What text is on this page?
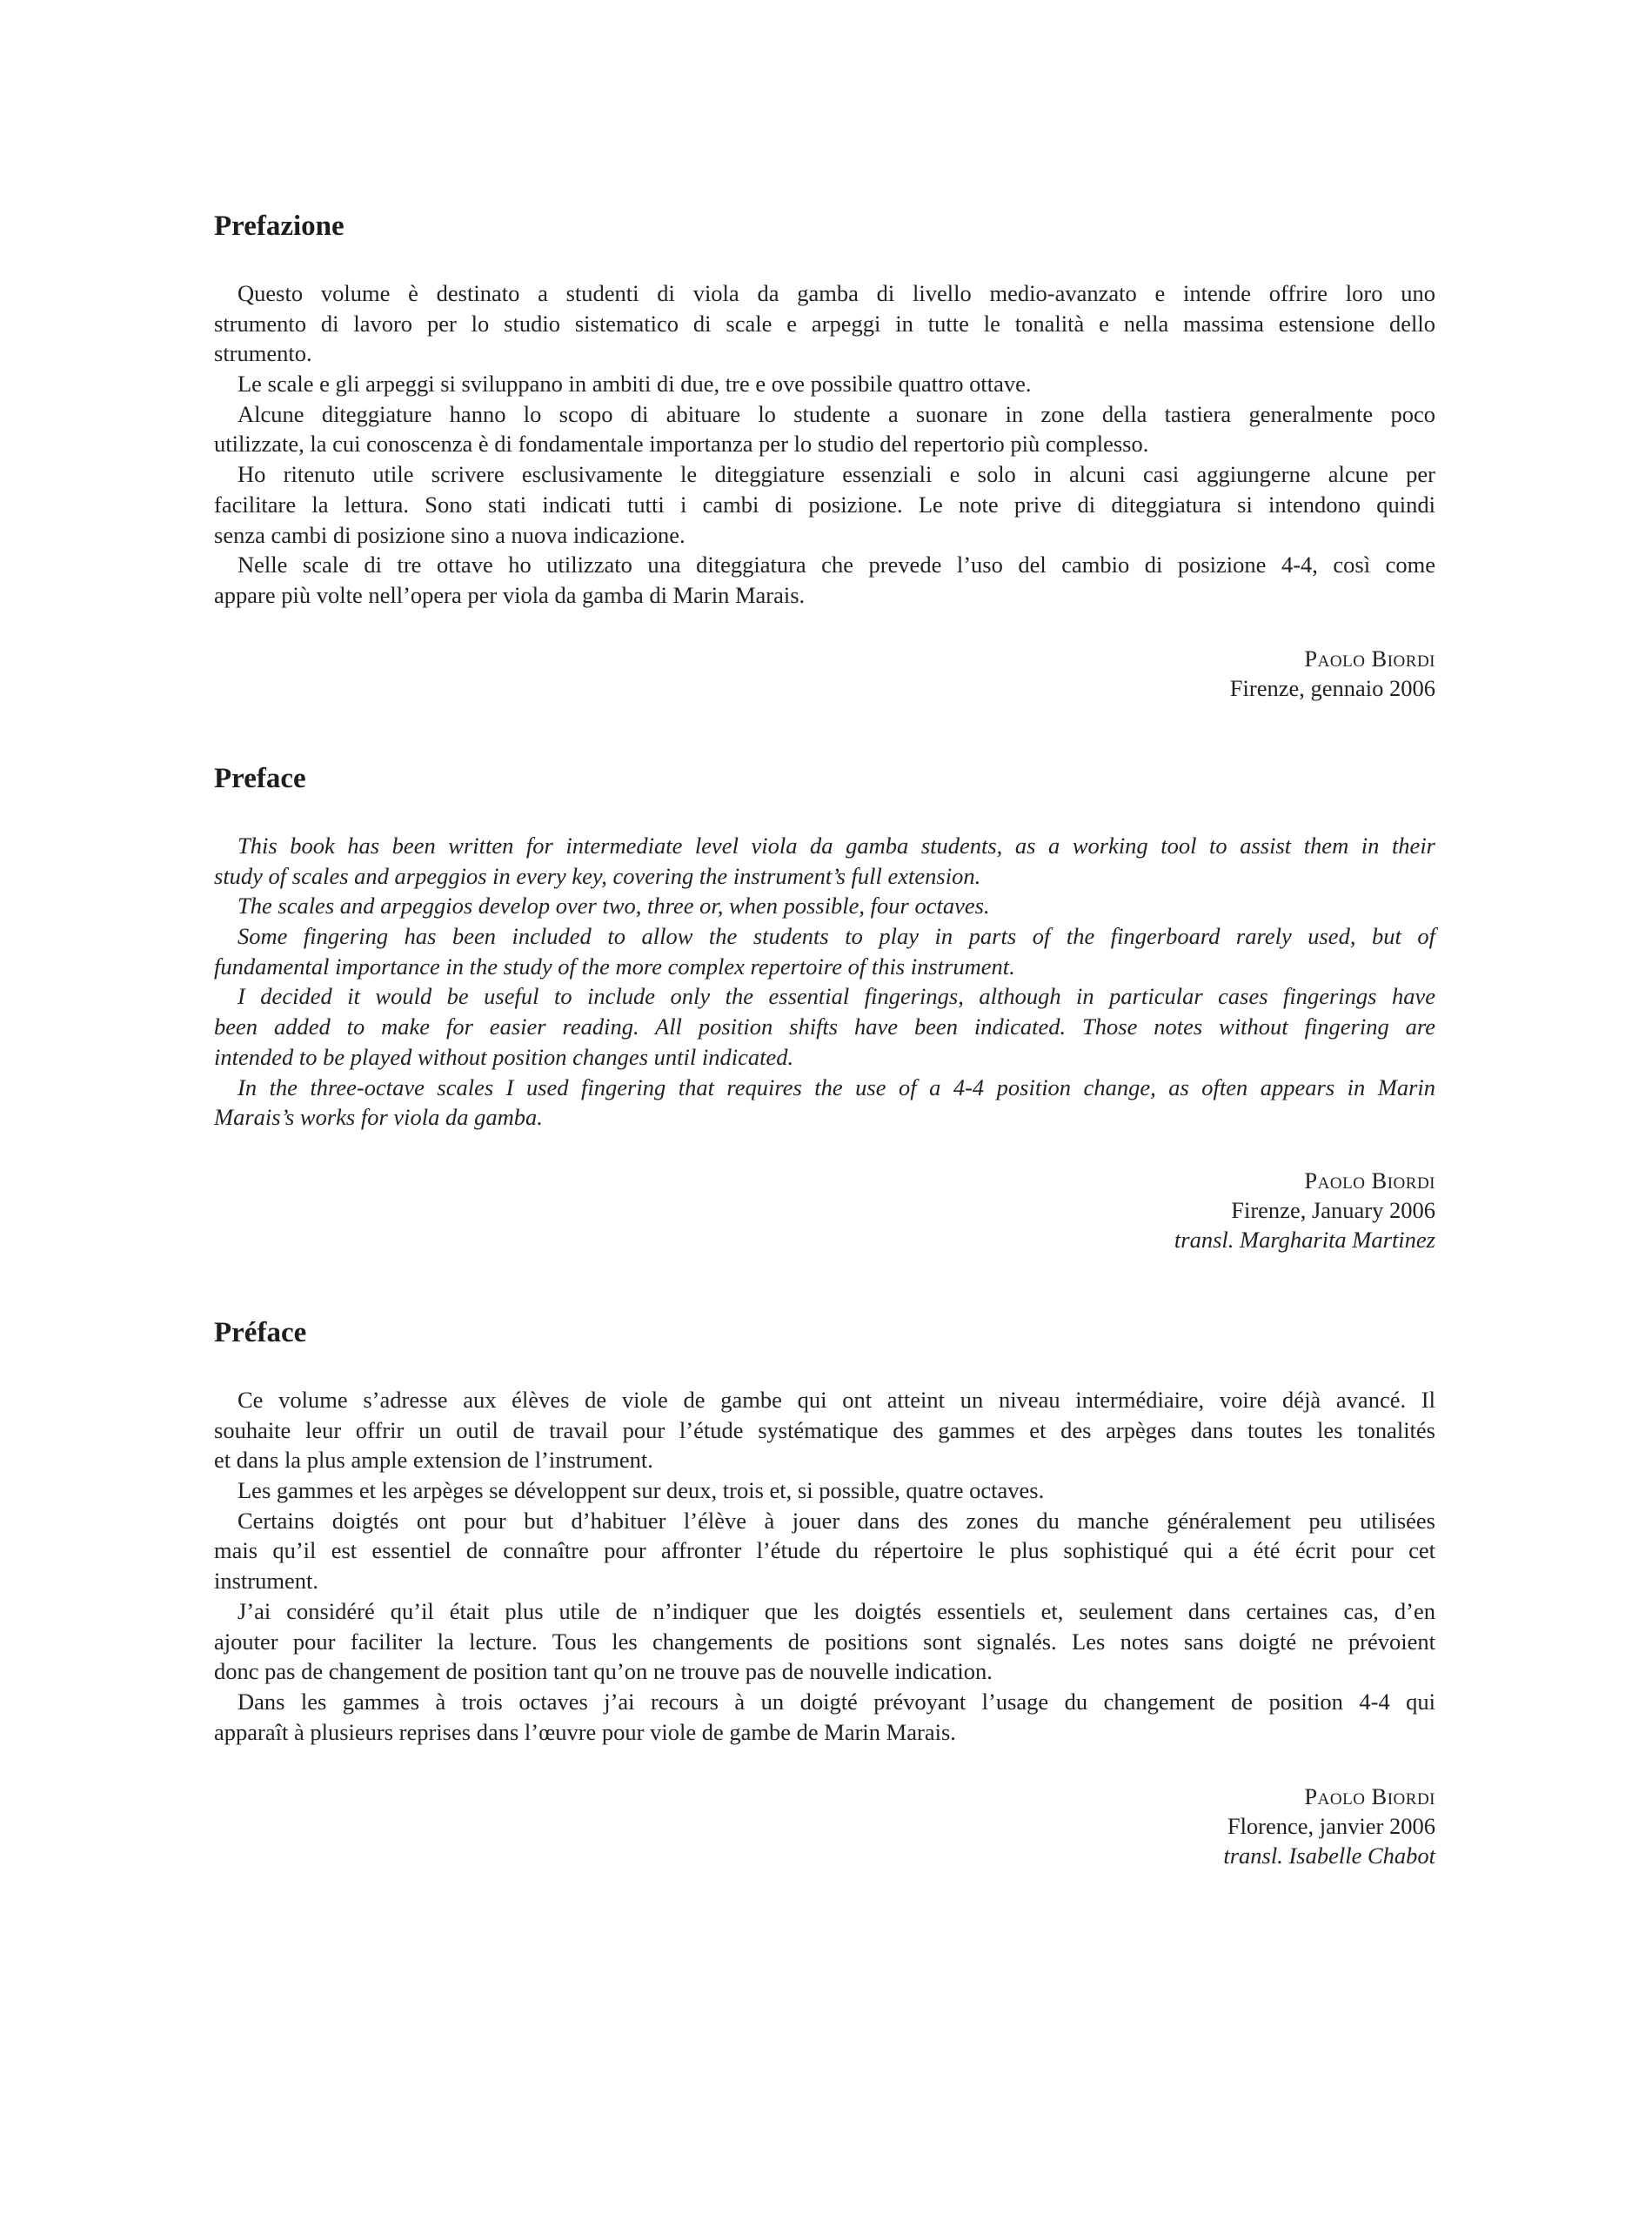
Prefazione
Questo volume è destinato a studenti di viola da gamba di livello medio-avanzato e intende offrire loro uno
strumento di lavoro per lo studio sistematico di scale e arpeggi in tutte le tonalità e nella massima estensione dello
strumento.
Le scale e gli arpeggi si sviluppano in ambiti di due, tre e ove possibile quattro ottave.
Alcune diteggiature hanno lo scopo di abituare lo studente a suonare in zone della tastiera generalmente poco
utilizzate, la cui conoscenza è di fondamentale importanza per lo studio del repertorio più complesso.
Ho ritenuto utile scrivere esclusivamente le diteggiature essenziali e solo in alcuni casi aggiungerne alcune per
facilitare la lettura. Sono stati indicati tutti i cambi di posizione. Le note prive di diteggiatura si intendono quindi
senza cambi di posizione sino a nuova indicazione.
Nelle scale di tre ottave ho utilizzato una diteggiatura che prevede l’uso del cambio di posizione 4-4, così come
appare più volte nell’opera per viola da gamba di Marin Marais.
Paolo Biordi
Firenze, gennaio 2006
Preface
This book has been written for intermediate level viola da gamba students, as a working tool to assist them in their
study of scales and arpeggios in every key, covering the instrument’s full extension.
The scales and arpeggios develop over two, three or, when possible, four octaves.
Some fingering has been included to allow the students to play in parts of the fingerboard rarely used, but of
fundamental importance in the study of the more complex repertoire of this instrument.
I decided it would be useful to include only the essential fingerings, although in particular cases fingerings have
been added to make for easier reading. All position shifts have been indicated. Those notes without fingering are
intended to be played without position changes until indicated.
In the three-octave scales I used fingering that requires the use of a 4-4 position change, as often appears in Marin
Marais’s works for viola da gamba.
Paolo Biordi
Firenze, January 2006
transl. Margharita Martinez
Préface
Ce volume s’adresse aux élèves de viole de gambe qui ont atteint un niveau intermédiaire, voire déjà avancé. Il
souhaite leur offrir un outil de travail pour l’étude systématique des gammes et des arpèges dans toutes les tonalités
et dans la plus ample extension de l’instrument.
Les gammes et les arpèges se développent sur deux, trois et, si possible, quatre octaves.
Certains doigtés ont pour but d’habituer l’élève à jouer dans des zones du manche généralement peu utilisées
mais qu’il est essentiel de connaître pour affronter l’étude du répertoire le plus sophistiqué qui a été écrit pour cet
instrument.
J’ai considéré qu’il était plus utile de n’indiquer que les doigtés essentiels et, seulement dans certaines cas, d’en
ajouter pour faciliter la lecture. Tous les changements de positions sont signalés. Les notes sans doigté ne prévoient
donc pas de changement de position tant qu’on ne trouve pas de nouvelle indication.
Dans les gammes à trois octaves j’ai recours à un doigté prévoyant l’usage du changement de position 4-4 qui
apparaît à plusieurs reprises dans l’œuvre pour viole de gambe de Marin Marais.
Paolo Biordi
Florence, janvier 2006
transl. Isabelle Chabot
